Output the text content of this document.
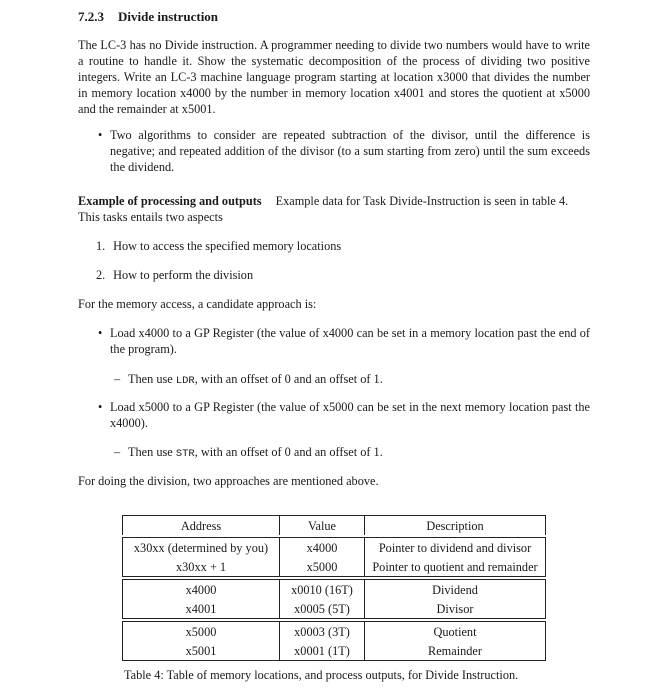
7.2.3 Divide instruction
The LC-3 has no Divide instruction. A programmer needing to divide two numbers would have to write a routine to handle it. Show the systematic decomposition of the process of dividing two positive integers. Write an LC-3 machine language program starting at location x3000 that divides the number in memory location x4000 by the number in memory location x4001 and stores the quotient at x5000 and the remainder at x5001.
• Two algorithms to consider are repeated subtraction of the divisor, until the difference is negative; and repeated addition of the divisor (to a sum starting from zero) until the sum exceeds the dividend.
Example of processing and outputs Example data for Task Divide-Instruction is seen in table 4.
This tasks entails two aspects
1. How to access the specified memory locations
2. How to perform the division
For the memory access, a candidate approach is:
• Load x4000 to a GP Register (the value of x4000 can be set in a memory location past the end of the program).
– Then use LDR, with an offset of 0 and an offset of 1.
• Load x5000 to a GP Register (the value of x5000 can be set in the next memory location past the x4000).
– Then use STR, with an offset of 0 and an offset of 1.
For doing the division, two approaches are mentioned above.
Address	Value	Description

x30xx (determined by you)	x4000	Pointer to dividend and divisor
x30xx + 1	x5000	Pointer to quotient and remainder

x4000	x0010 (16T)	Dividend
x4001	x0005 (5T)	Divisor

x5000	x0003 (3T)	Quotient
x5001	x0001 (1T)	Remainder
Table 4: Table of memory locations, and process outputs, for Divide Instruction.
